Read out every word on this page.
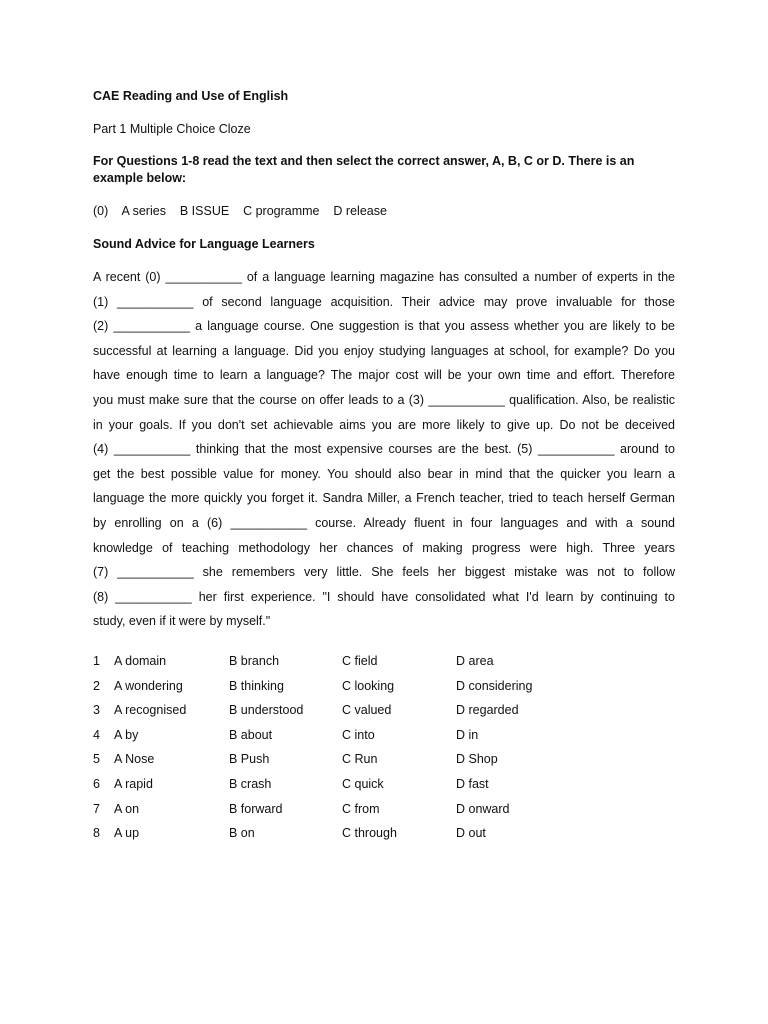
CAE Reading and Use of English
Part 1 Multiple Choice Cloze
For Questions 1-8 read the text and then select the correct answer, A, B, C or D. There is an
example below:
(0) A series B ISSUE C programme D release
Sound Advice for Language Learners
A recent (0) ___________ of a language learning magazine has consulted a number of experts in the
(1) ___________ of second language acquisition. Their advice may prove invaluable for those
(2) ___________ a language course. One suggestion is that you assess whether you are likely to be
successful at learning a language. Did you enjoy studying languages at school, for example? Do you
have enough time to learn a language? The major cost will be your own time and effort. Therefore
you must make sure that the course on offer leads to a (3) ___________ qualification. Also, be realistic
in your goals. If you don't set achievable aims you are more likely to give up. Do not be deceived
(4) ___________ thinking that the most expensive courses are the best. (5) ___________ around to
get the best possible value for money. You should also bear in mind that the quicker you learn a
language the more quickly you forget it. Sandra Miller, a French teacher, tried to teach herself German
by enrolling on a (6) ___________ course. Already fluent in four languages and with a sound
knowledge of teaching methodology her chances of making progress were high. Three years
(7) ___________ she remembers very little. She feels her biggest mistake was not to follow
(8) ___________ her first experience. "I should have consolidated what I'd learn by continuing to
study, even if it were by myself."
1 A domain	B branch	C field	D area
2 A wondering	B thinking	C looking	D considering
3 A recognised	B understood	C valued	D regarded
4 A by	B about	C into	D in
5 A Nose	B Push	C Run	D Shop
6 A rapid	B crash	C quick	D fast
7 A on	B forward	C from	D onward
8 A up	B on	C through	D out
